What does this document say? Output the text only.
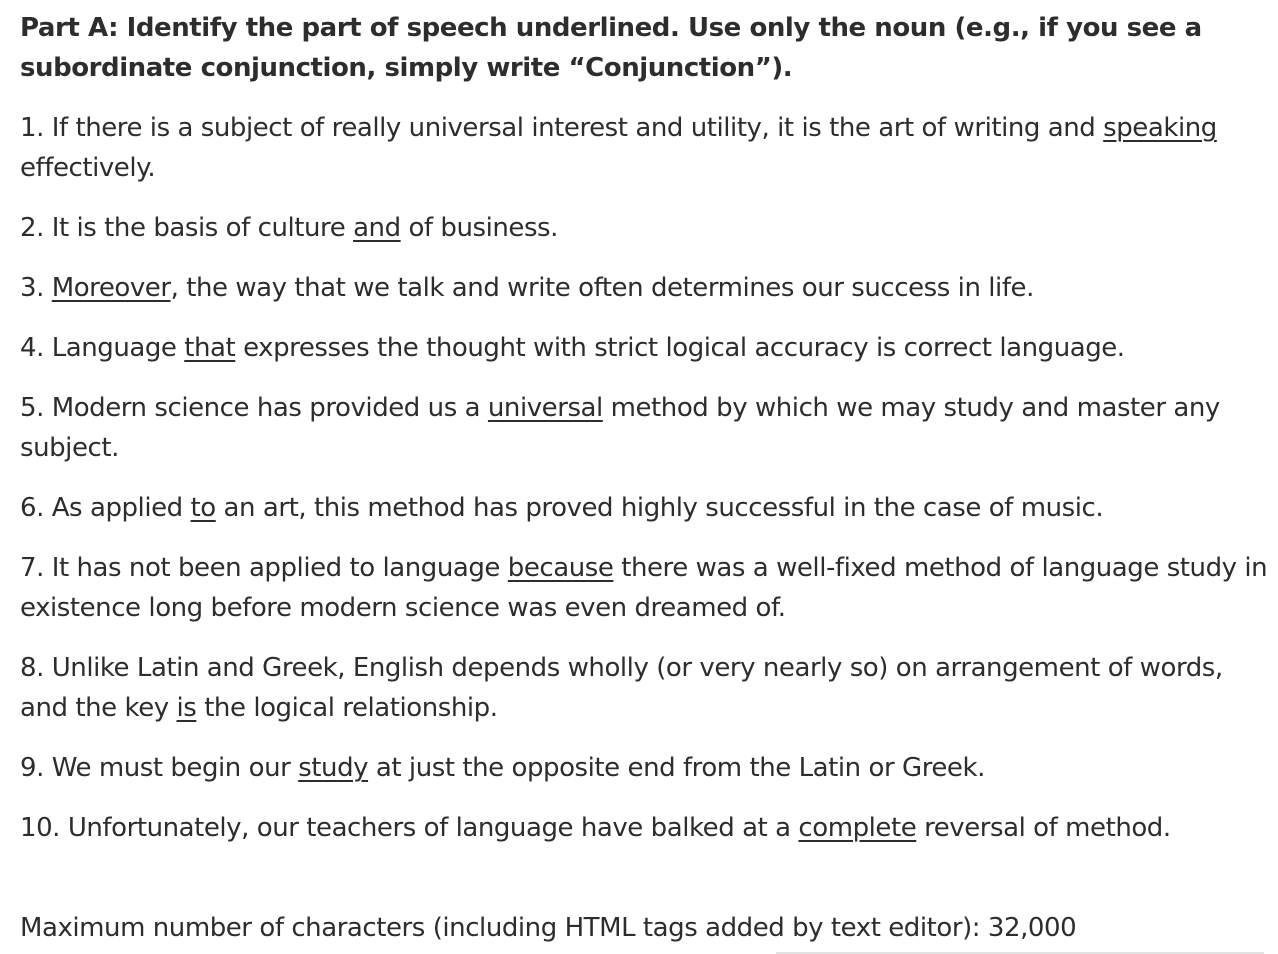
Part A: Identify the part of speech underlined. Use only the noun (e.g., if you see a subordinate conjunction, simply write “Conjunction”).

1. If there is a subject of really universal interest and utility, it is the art of writing and speaking effectively.

2. It is the basis of culture and of business.

3. Moreover, the way that we talk and write often determines our success in life.

4. Language that expresses the thought with strict logical accuracy is correct language.

5. Modern science has provided us a universal method by which we may study and master any subject.

6. As applied to an art, this method has proved highly successful in the case of music.

7. It has not been applied to language because there was a well-fixed method of language study in existence long before modern science was even dreamed of.

8. Unlike Latin and Greek, English depends wholly (or very nearly so) on arrangement of words, and the key is the logical relationship.

9. We must begin our study at just the opposite end from the Latin or Greek.

10. Unfortunately, our teachers of language have balked at a complete reversal of method.

Maximum number of characters (including HTML tags added by text editor): 32,000
